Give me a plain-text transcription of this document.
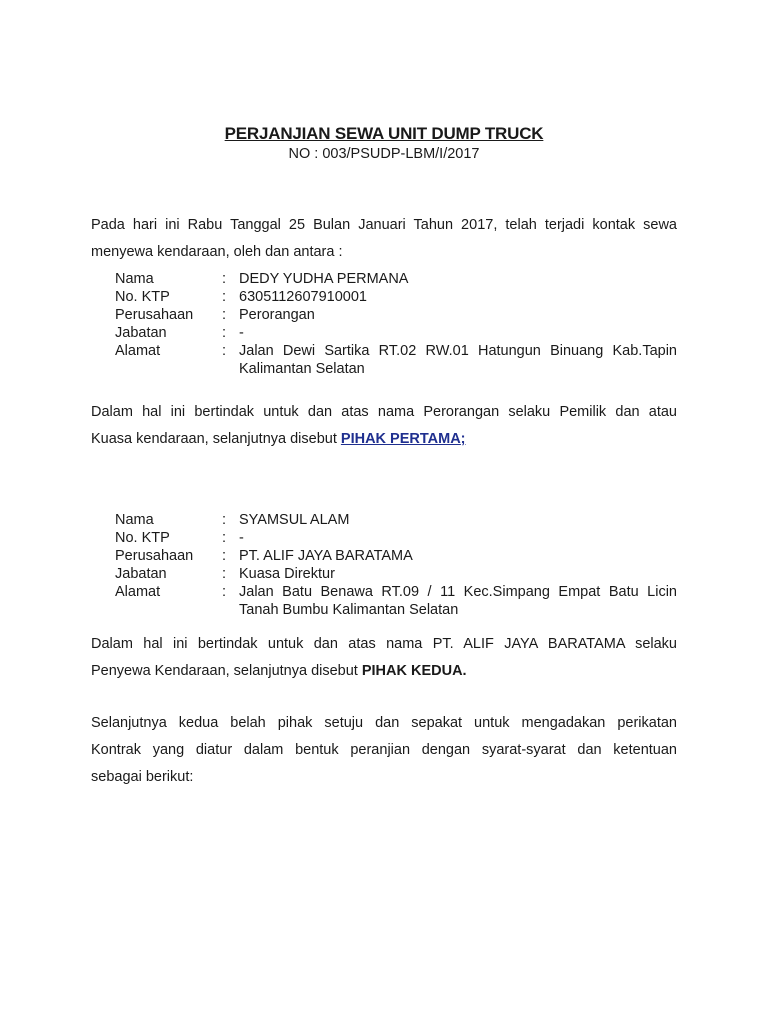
PERJANJIAN SEWA UNIT DUMP TRUCK
NO : 003/PSUDP-LBM/I/2017
Pada hari ini Rabu Tanggal 25 Bulan Januari Tahun 2017, telah terjadi kontak sewa
menyewa kendaraan, oleh dan antara :
Nama	: DEDY YUDHA PERMANA
No. KTP	: 6305112607910001
Perusahaan	: Perorangan
Jabatan	: -
Alamat	: Jalan Dewi Sartika RT.02 RW.01 Hatungun Binuang Kab.Tapin Kalimantan Selatan
Dalam hal ini bertindak untuk dan atas nama Perorangan selaku Pemilik dan atau
Kuasa kendaraan, selanjutnya disebut PIHAK PERTAMA;
Nama	: SYAMSUL ALAM
No. KTP	: -
Perusahaan	: PT. ALIF JAYA BARATAMA
Jabatan	: Kuasa Direktur
Alamat	: Jalan Batu Benawa RT.09 / 11 Kec.Simpang Empat Batu Licin Tanah Bumbu Kalimantan Selatan
Dalam hal ini bertindak untuk dan atas nama PT. ALIF JAYA BARATAMA selaku
Penyewa Kendaraan, selanjutnya disebut PIHAK KEDUA.
Selanjutnya kedua belah pihak setuju dan sepakat untuk mengadakan perikatan
Kontrak yang diatur dalam bentuk peranjian dengan syarat-syarat dan ketentuan
sebagai berikut:
